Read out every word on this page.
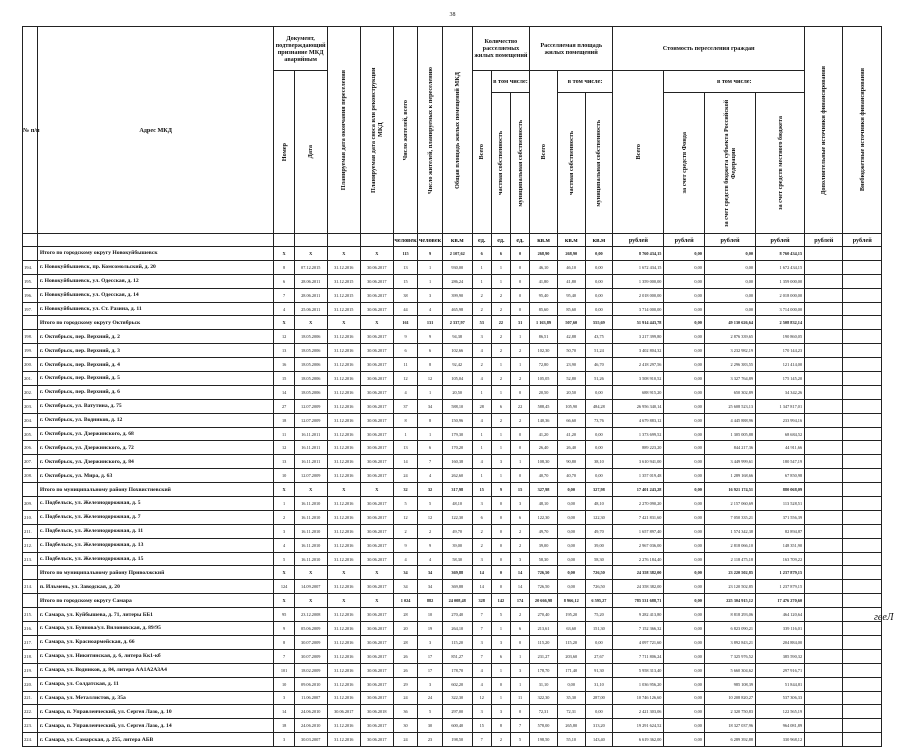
38
№ п/п	Адрес МКД	Документ, подтверждающий признание МКД аварийным		Планируемая дата окончания переселения	Планируемая дата сноса или реконструкции МКД	Число жителей, всего	Число жителей, планируемых к переселению	Общая площадь жилых помещений МКД	Количество расселяемых жилых помещений			Расселяемая площадь жилых помещений			Стоимость переселения граждан				Дополнительные источники финансирования	Внебюджетные источники финансирования

		Номер	Дата						Всего	в том числе:		Всего	в том числе:		Всего	в том числе:				

										частная собственность	муниципальная собственность		частная собственность	муниципальная собственность		за счет средств Фонда	за счет средств бюджета субъекта Российской Федерации	за счет средств местного бюджета		

						человек	человек	кв.м	ед.	ед.	ед.	кв.м	кв.м	кв.м	рублей	рублей	рублей	рублей	рублей	рублей
	Итого по городскому округу Новокуйбышевск	X	X	X	X	115	9	2 107,62	6	6	0	268,90	268,90	0,00	8 760 434,15	0,00	0,00	8 760 434,15		
194.	г. Новокуйбышевск, пр. Комсомольский, д. 20	8	07.12.2015	31.12.2016	30.06.2017	13	1	930,00	1	1	0	46,10	46,10	0,00	1 672 434,15	0,00	0,00	1 672 434,15		
195.	г. Новокуйбышевск, ул. Одесская, д. 12	6	28.06.2011	31.12.2015	30.06.2017	15	1	286,24	1	1	0	41,80	41,80	0,00	1 359 000,00	0,00	0,00	1 359 000,00		
196.	г. Новокуйбышевск, ул. Одесская, д. 14	7	28.06.2011	31.12.2015	30.06.2017	38	3	399,90	2	2	0	95,40	95,40	0,00	2 018 000,00	0,00	0,00	2 018 000,00		
197.	г. Новокуйбышевск, ул. Ст. Разина, д. 11	4	25.06.2011	31.12.2015	30.06.2017	44	4	465,98	2	2	0	85,60	85,60	0,00	3 714 000,00	0,00	0,00	3 714 000,00		
	Итого по городскому округу Октябрьск	X	X	X	X	161	131	2 337,97	53	22	31	1 163,89	507,60	555,69	51 914 443,78	0,00	49 130 626,64	2 508 832,14		
198.	г. Октябрьск, пер. Верхний, д. 2	12	18.05.2006	31.12.2016	30.06.2017	9	9	94,38	3	2	1	86,51	42,88	43,75	3 217 399,80	0,00	2 876 339,65	190 860,05		
199.	г. Октябрьск, пер. Верхний, д. 3	13	18.05.2006	31.12.2016	30.06.2017	6	6	102,66	4	2	2	102,30	50,70	51,24	3 402 804,32	0,00	3 232 982,19	170 144,23		
200.	г. Октябрьск, пер. Верхний, д. 4	16	18.05.2006	31.12.2016	30.06.2017	11	8	92,42	2	1	1	72,80	23,90	46,70	2 418 297,56	0,00	2 296 383,55	121 414,00		
201.	г. Октябрьск, пер. Верхний, д. 5	15	18.05.2006	31.12.2016	30.06.2017	12	12	105,04	4	2	2	105,05	52,80	51,26	3 508 910,52	0,00	3 327 764,89	175 145,20		
202.	г. Октябрьск, пер. Верхний, д. 6	14	18.05.2006	31.12.2016	30.06.2017	4	1	20,50	1	1	0	20,50	20,50	0,00	688 915,20	0,00	650 302,89	34 342,26		
203.	г. Октябрьск, ул. Ватутина, д. 75	27	12.07.2009	31.12.2016	30.06.2017	37	34	588,10	28	6	22	588,45	105,90	484,28	26 956 340,14	0,00	25 608 523,13	1 347 817,01		
204.	г. Октябрьск, ул. Водников, д. 12	18	12.07.2009	31.12.2016	30.06.2017	8	8	150,96	4	2	2	140,36	66,60	73,76	4 679 883,12	0,00	4 445 888,96	233 994,16		
205.	г. Октябрьск, ул. Дзержинского, д. 68	11	16.11.2011	31.12.2016	30.06.2017	1	1	179,30	1	1	0	41,20	41,20	0,00	1 373 699,52	0,00	1 305 005,88	68 684,52		
206.	г. Октябрьск, ул. Дзержинского, д. 72	12	16.11.2011	31.12.2016	30.06.2017	13	6	170,20	1	1	0	26,40	26,40	0,00	889 223,20	0,00	844 217,36	44 911,66		
207.	г. Октябрьск, ул. Дзержинского, д. 84	13	16.11.2011	31.12.2016	30.06.2017	14	7	160,38	4	3	1	108,30	90,80	38,10	3 610 941,00	0,00	3 449 999,61	180 547,19		
208.	г. Октябрьск, ул. Мира, д. 63	10	12.07.2009	31.12.2016	30.06.2017	24	4	262,60	1	1	0	40,70	40,70	0,00	1 357 019,48	0,00	1 289 168,66	67 850,98		
	Итого по муниципальному району Похвистневский	X	X	X	X	32	32	317,98	15	9	15	327,98	0,00	327,98	17 401 243,28	0,00	16 921 174,51	880 068,09		
209.	с. Подбельск, ул. Железнодорожная, д. 5	1	16.11.2010	31.12.2016	30.06.2017	5	5	48,10	3	0	3	48,10	0,00	48,10	2 270 090,20	0,00	2 157 060,69	113 528,51		
210.	с. Подбельск, ул. Железнодорожная, д. 7	2	16.11.2010	31.12.2016	30.06.2017	12	12	122,30	6	0	6	122,30	0,00	122,30	7 421 831,60	0,00	7 050 335,21	371 556,39		
211.	с. Подбельск, ул. Железнодорожная, д. 11	3	16.11.2010	31.12.2016	30.06.2017	2	2	49,70	2	0	2	49,70	0,00	49,70	1 657 897,40	0,00	1 574 342,38	82 894,87		
212.	с. Подбельск, ул. Железнодорожная, д. 13	4	16.11.2010	31.12.2016	30.06.2017	9	9	39,00	2	0	2	39,00	0,00	39,00	2 967 036,00	0,00	2 818 066,10	148 351,90		
213.	с. Подбельск, ул. Железнодорожная, д. 15	5	16.11.2010	31.12.2016	30.06.2017	4	4	58,30	3	0	3	58,30	0,00	58,30	2 276 184,40	0,00	2 118 475,18	163 709,22		
	Итого по муниципальному району Приволжский	X	X	X	X	34	34	369,88	14	0	14	726,50	0,00	726,50	24 358 382,00	0,00	23 220 502,85	1 237 879,15		
214.	п. Ильмень, ул. Заводская, д. 20	124	14.09.2007	31.12.2016	30.06.2017	34	34	369,88	14	0	14	726,50	0,00	726,50	24 358 382,00	0,00	23 120 502,85	1 237 879,15		
	Итого по городскому округу Самара	X	X	X	X	1 024	882	24 008,48	328	142	174	20 666,98	8 966,12	6 595,27	785 531 688,71	0,00	225 304 915,12	17 476 270,60		
215.	г. Самара, ул. Куйбышева, д. 71, литеры ББ1	95	23.12.2008	31.12.2016	30.06.2017	28	10	270,40	7	5	2	270,40	195,20	75,20	9 282 413,80	0,00	8 818 293,06	464 120,64		
216.	г. Самара, ул. Буянова/ул. Вилоновская, д. 89/95	9	05.06.2009	31.12.2016	30.06.2017	20	19	264,10	7	1	6	213,61	63,60	151,30	7 152 366,32	0,00	6 823 090,21	339 116,01		
217.	г. Самара, ул. Красноармейская, д. 66	8	30.07.2009	31.12.2016	30.06.2017	28	3	115,20	3	3	0	115,20	115,20	0,00	4 097 721,60	0,00	3 892 843,21	204 884,00		
218.	г. Самара, ул. Никитинская, д. 6, литера Кк1-кб	7	30.07.2009	31.12.2016	30.06.2017	26	17	851,27	7	6	1	231,27	203,60	27,67	7 711 806,24	0,00	7 325 976,52	385 590,32		
219.	г. Самара, ул. Водников, д. 84, литера АА1А2А3А4	101	18.02.2009	31.12.2016	30.06.2017	26	17	178,70	4	1	3	178,70	171,40	91,30	5 958 313,40	0,00	5 660 304,62	297 916,71		
220.	г. Самара, ул. Солдатская, д. 11	10	09.06.2010	31.12.2016	30.06.2017	29	3	602,20	4	0	1	31,10	0,00	31,10	1 036 956,20	0,00	985 108,39	51 844,81		
221.	г. Самара, ул. Металлистов, д. 35а	3	11.06.2007	31.12.2016	30.06.2017	24	24	322,30	12	1	11	322,30	35,30	287,00	10 746 126,60	0,00	10 208 820,27	537 306,33		
222.	г. Самара, п. Управленческий, ул. Сергея Лазо, д. 10	14	24.06.2010	30.06.2017	30.06.2018	36	5	297,00	3	3	0	72,31	72,31	0,00	2 421 303,06	0,00	2 320 750,83	122 565,19		
223.	г. Самара, п. Управленческий, ул. Сергея Лазо, д. 14	18	24.06.2010	31.12.2016	30.06.2017	30	30	600,40	15	8	7	578,00	265,80	313,20	19 291 624,52	0,00	18 327 037,96	964 081,89		
224.	г. Самара, ул. Самарская, д. 255, литера АБВ	3	30.03.2007	31.12.2016	30.06.2017	24	23	198,50	7	2	5	198,50	55,10	143,40	6 619 362,00	0,00	6 289 392,88	330 968,12		
гееЛ
